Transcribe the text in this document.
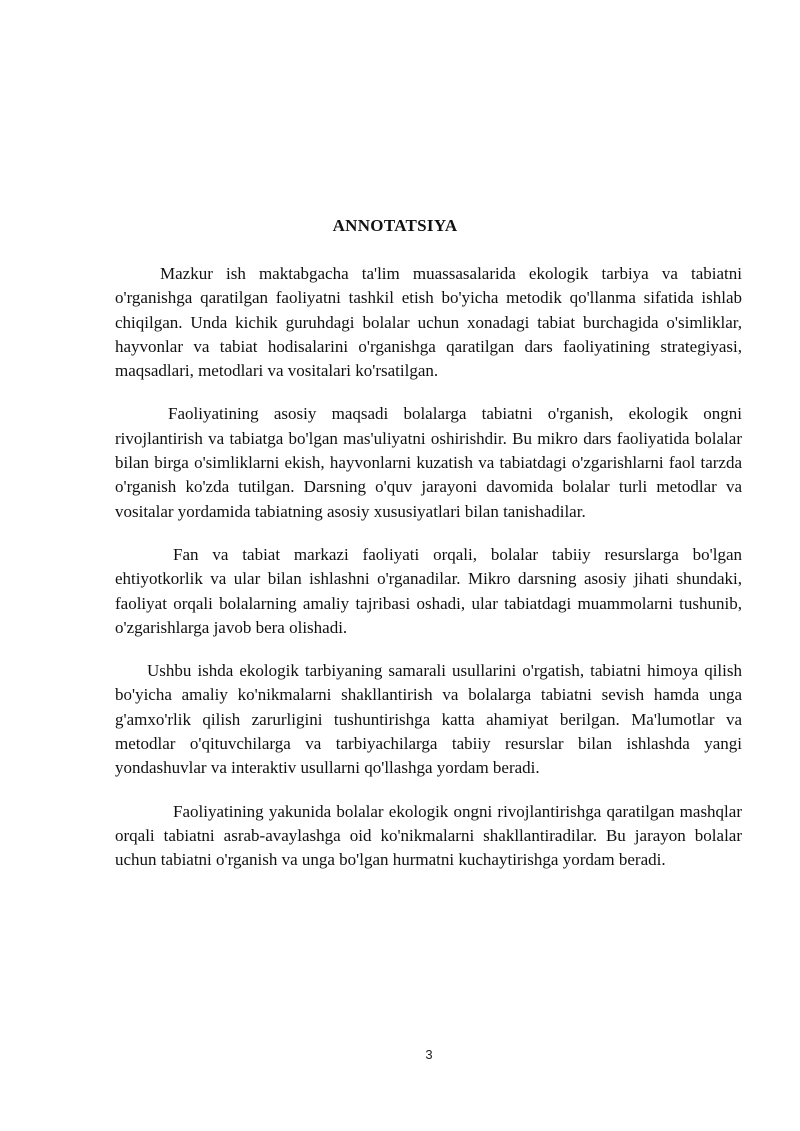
ANNOTATSIYA

Mazkur ish maktabgacha ta'lim muassasalarida ekologik tarbiya va tabiatni o'rganishga qaratilgan faoliyatni tashkil etish bo'yicha metodik qo'llanma sifatida ishlab chiqilgan. Unda kichik guruhdagi bolalar uchun xonadagi tabiat burchagida o'simliklar, hayvonlar va tabiat hodisalarini o'rganishga qaratilgan dars faoliyatining strategiyasi, maqsadlari, metodlari va vositalari ko'rsatilgan.

Faoliyatining asosiy maqsadi bolalarga tabiatni o'rganish, ekologik ongni rivojlantirish va tabiatga bo'lgan mas'uliyatni oshirishdir. Bu mikro dars faoliyatida bolalar bilan birga o'simliklarni ekish, hayvonlarni kuzatish va tabiatdagi o'zgarishlarni faol tarzda o'rganish ko'zda tutilgan. Darsning o'quv jarayoni davomida bolalar turli metodlar va vositalar yordamida tabiatning asosiy xususiyatlari bilan tanishadilar.

Fan va tabiat markazi faoliyati orqali, bolalar tabiiy resurslarga bo'lgan ehtiyotkorlik va ular bilan ishlashni o'rganadilar. Mikro darsning asosiy jihati shundaki, faoliyat orqali bolalarning amaliy tajribasi oshadi, ular tabiatdagi muammolarni tushunib, o'zgarishlarga javob bera olishadi.

Ushbu ishda ekologik tarbiyaning samarali usullarini o'rgatish, tabiatni himoya qilish bo'yicha amaliy ko'nikmalarni shakllantirish va bolalarga tabiatni sevish hamda unga g'amxo'rlik qilish zarurligini tushuntirishga katta ahamiyat berilgan. Ma'lumotlar va metodlar o'qituvchilarga va tarbiyachilarga tabiiy resurslar bilan ishlashda yangi yondashuvlar va interaktiv usullarni qo'llashga yordam beradi.

Faoliyatining yakunida bolalar ekologik ongni rivojlantirishga qaratilgan mashqlar orqali tabiatni asrab-avaylashga oid ko'nikmalarni shakllantiradilar. Bu jarayon bolalar uchun tabiatni o'rganish va unga bo'lgan hurmatni kuchaytirishga yordam beradi.

3
